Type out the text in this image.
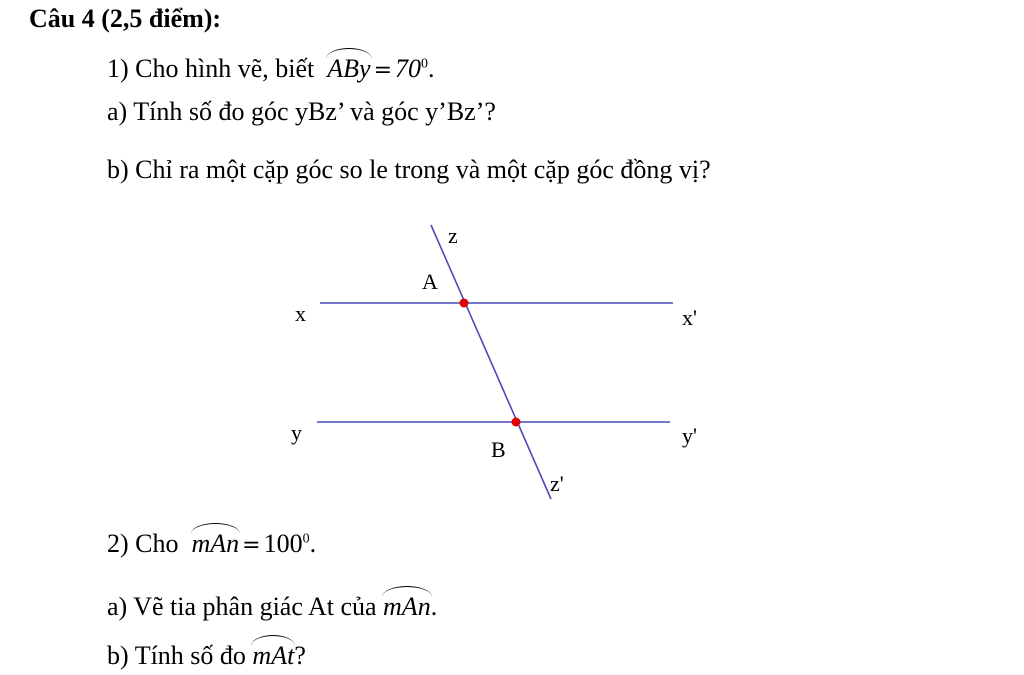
Câu 4 (2,5 điểm):
1) Cho hình vẽ, biết ABy = $70^0$.
a) Tính số đo góc yBz’ và góc y’Bz’?
b) Chỉ ra một cặp góc so le trong và một cặp góc đồng vị?
z
A
x	x'
y
B
y'
z'
2) Cho mAn = $100^0$.
a) Vẽ tia phân giác At của mAn.
b) Tính số đo mAt?
